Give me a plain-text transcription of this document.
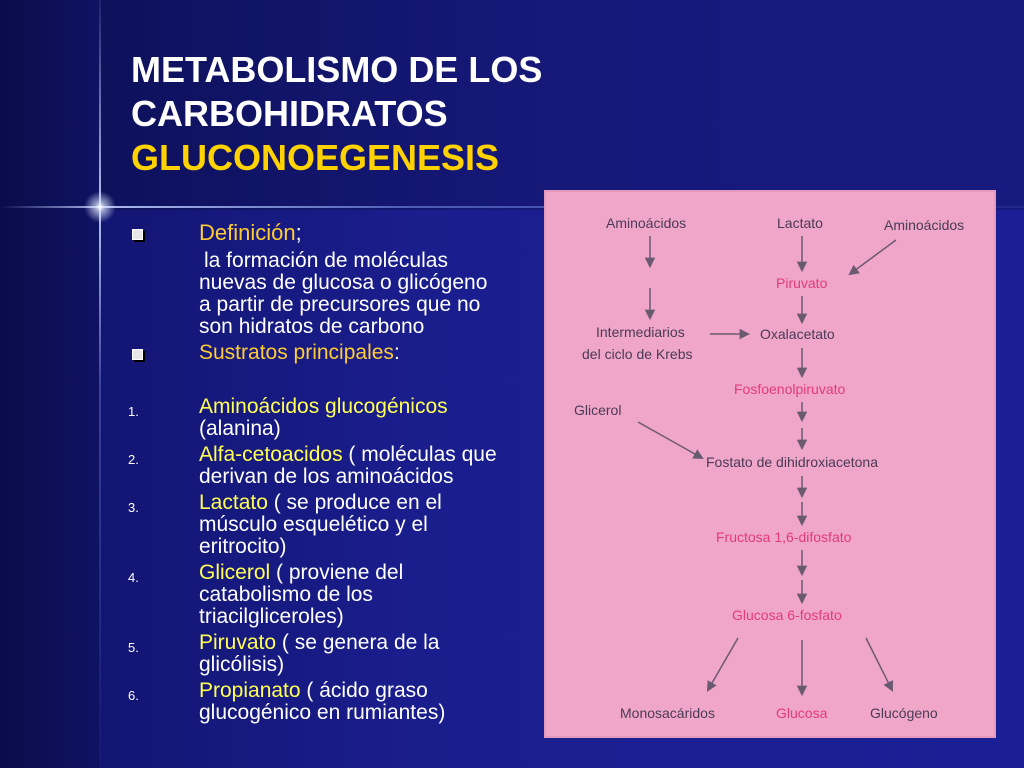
METABOLISMO DE LOS
CARBOHIDRATOS
GLUCONOEGENESIS
Definición;
la formación de moléculas
nuevas de glucosa o glicógeno
a partir de precursores que no
son hidratos de carbono
Sustratos principales:
1.	Aminoácidos glucogénicos
(alanina)
2.	Alfa-cetoacidos ( moléculas que
derivan de los aminoácidos
3.	Lactato ( se produce en el
músculo esquelético y el
eritrocito)
4.	Glicerol ( proviene del
catabolismo de los
triacilgliceroles)
5.	Piruvato ( se genera de la
glicólisis)
6.	Propianato ( ácido graso
glucogénico en rumiantes)
Aminoácidos	Lactato	Aminoácidos
Piruvato
Intermediarios
del ciclo de Krebs
Oxalacetato
Fosfoenolpiruvato
Glicerol
Fostato de dihidroxiacetona
Fructosa 1,6-difosfato
Glucosa 6-fosfato
Monosacáridos	Glucosa	Glucógeno
